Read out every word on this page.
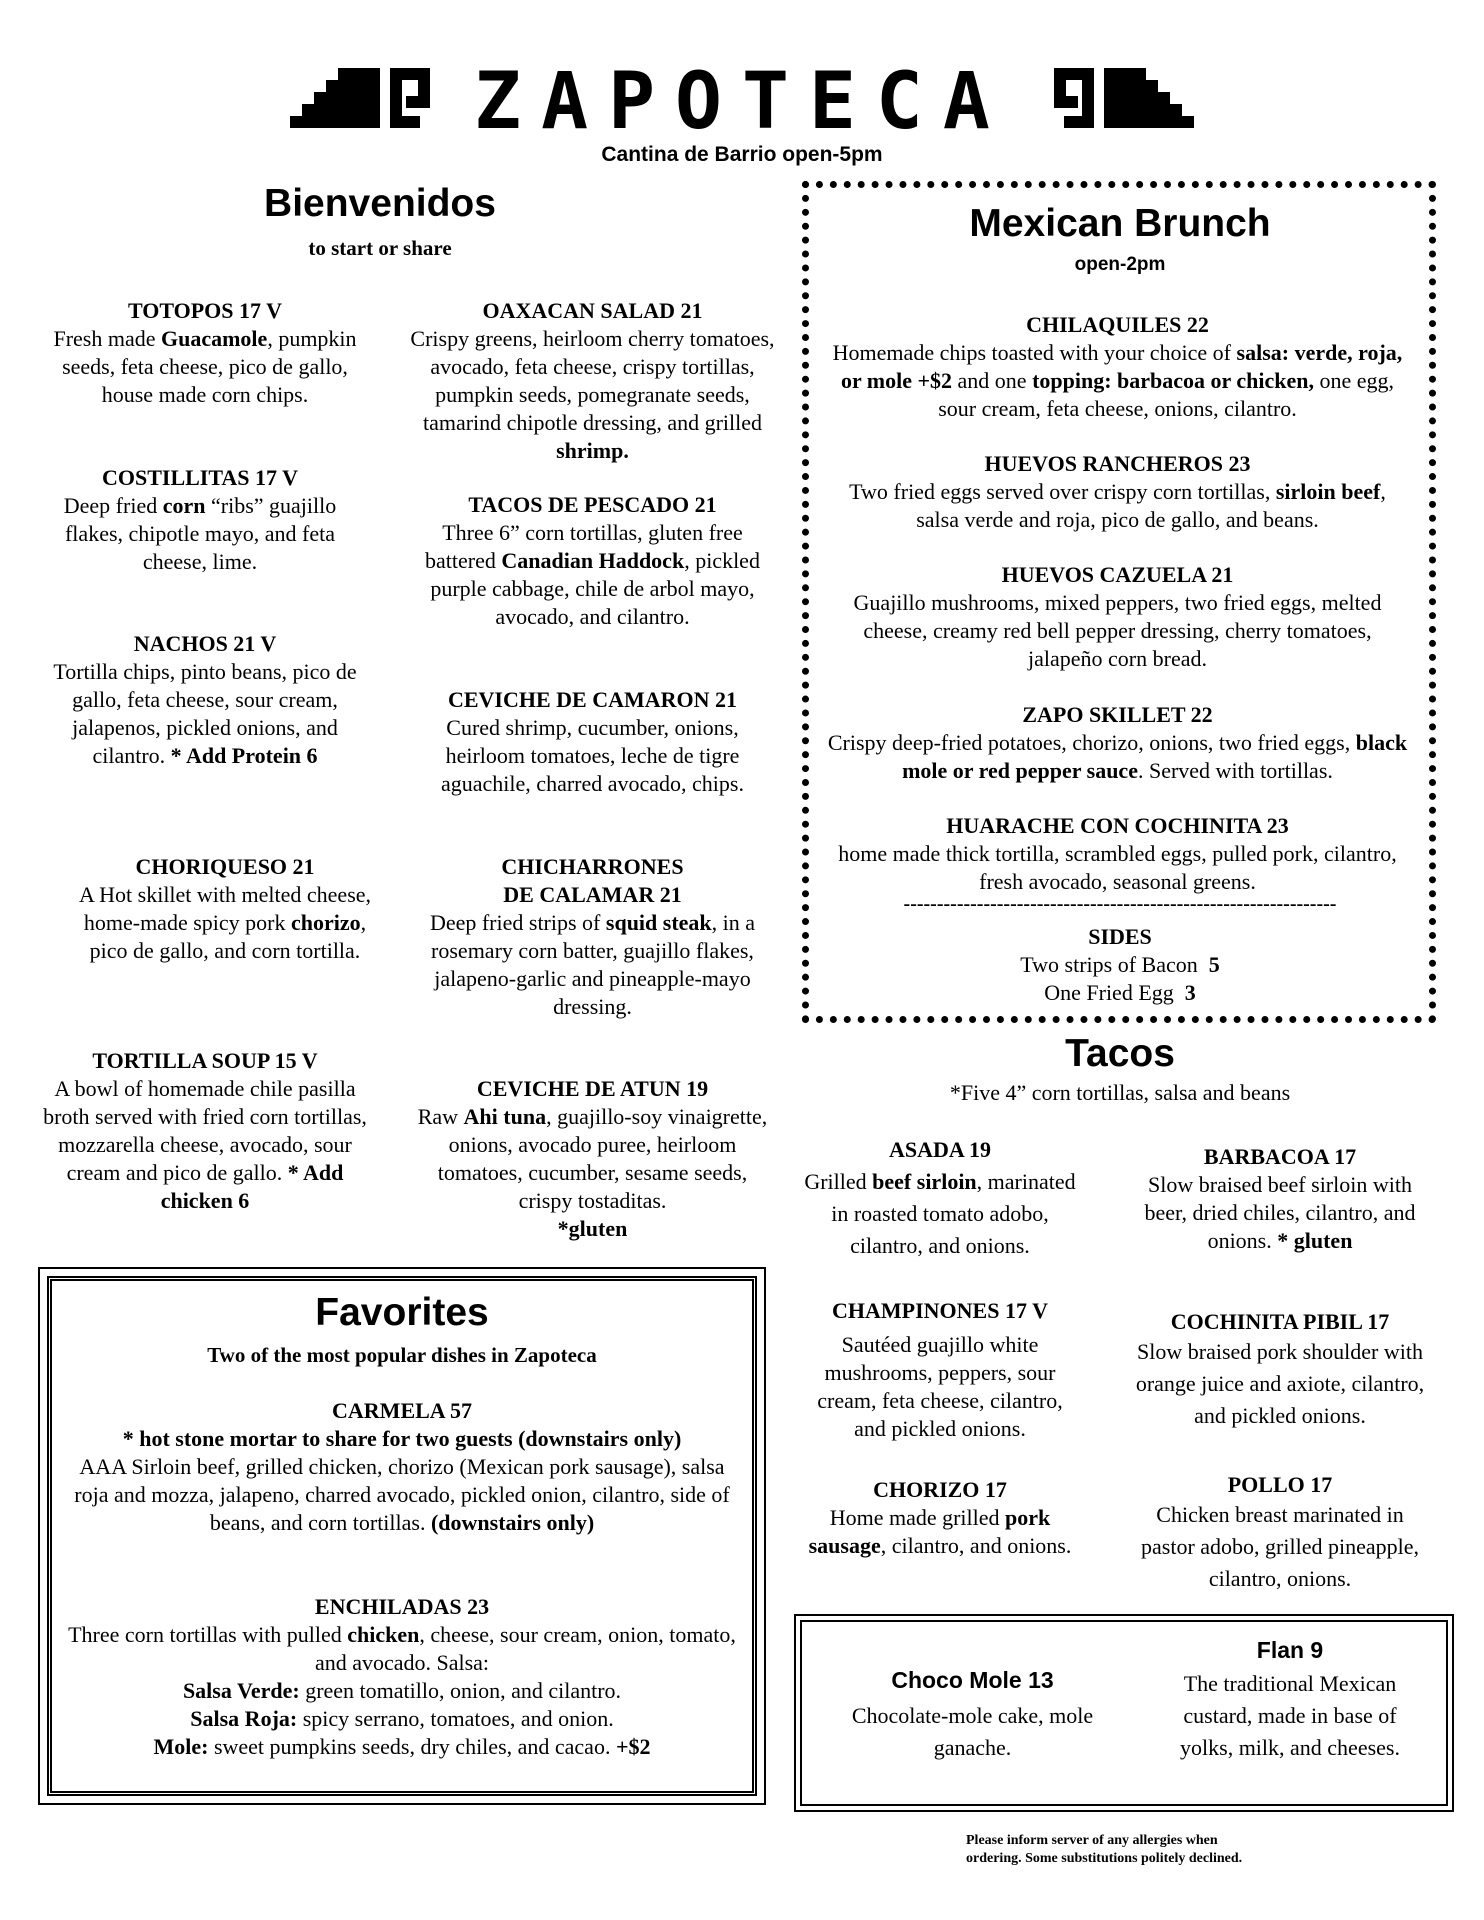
ZAPOTECA
Cantina de Barrio open-5pm
Bienvenidos
to start or share
TOTOPOS 17 V
Fresh made Guacamole, pumpkin seeds, feta cheese, pico de gallo, house made corn chips.
COSTILLITAS 17 V
Deep fried corn “ribs” guajillo flakes, chipotle mayo, and feta cheese, lime.
NACHOS 21 V
Tortilla chips, pinto beans, pico de gallo, feta cheese, sour cream, jalapenos, pickled onions, and cilantro. * Add Protein 6
CHORIQUESO 21
A Hot skillet with melted cheese, home-made spicy pork chorizo, pico de gallo, and corn tortilla.
TORTILLA SOUP 15 V
A bowl of homemade chile pasilla broth served with fried corn tortillas, mozzarella cheese, avocado, sour cream and pico de gallo. * Add chicken 6
OAXACAN SALAD 21
Crispy greens, heirloom cherry tomatoes, avocado, feta cheese, crispy tortillas, pumpkin seeds, pomegranate seeds, tamarind chipotle dressing, and grilled shrimp.
TACOS DE PESCADO 21
Three 6” corn tortillas, gluten free battered Canadian Haddock, pickled purple cabbage, chile de arbol mayo, avocado, and cilantro.
CEVICHE DE CAMARON 21
Cured shrimp, cucumber, onions, heirloom tomatoes, leche de tigre aguachile, charred avocado, chips.
CHICHARRONES
DE CALAMAR 21
Deep fried strips of squid steak, in a rosemary corn batter, guajillo flakes, jalapeno-garlic and pineapple-mayo dressing.
CEVICHE DE ATUN 19
Raw Ahi tuna, guajillo-soy vinaigrette, onions, avocado puree, heirloom tomatoes, cucumber, sesame seeds, crispy tostaditas.
*gluten
Mexican Brunch
open-2pm
CHILAQUILES 22
Homemade chips toasted with your choice of salsa: verde, roja, or mole +$2 and one topping: barbacoa or chicken, one egg, sour cream, feta cheese, onions, cilantro.
HUEVOS RANCHEROS 23
Two fried eggs served over crispy corn tortillas, sirloin beef, salsa verde and roja, pico de gallo, and beans.
HUEVOS CAZUELA 21
Guajillo mushrooms, mixed peppers, two fried eggs, melted cheese, creamy red bell pepper dressing, cherry tomatoes, jalapeño corn bread.
ZAPO SKILLET 22
Crispy deep-fried potatoes, chorizo, onions, two fried eggs, black mole or red pepper sauce. Served with tortillas.
HUARACHE CON COCHINITA 23
home made thick tortilla, scrambled eggs, pulled pork, cilantro, fresh avocado, seasonal greens.
-----------------------------------------------------------------
SIDES
Two strips of Bacon 5
One Fried Egg 3
Tacos
*Five 4” corn tortillas, salsa and beans
ASADA 19
Grilled beef sirloin, marinated in roasted tomato adobo, cilantro, and onions.
CHAMPINONES 17 V
Sautéed guajillo white mushrooms, peppers, sour cream, feta cheese, cilantro, and pickled onions.
CHORIZO 17
Home made grilled pork sausage, cilantro, and onions.
BARBACOA 17
Slow braised beef sirloin with beer, dried chiles, cilantro, and onions. * gluten
COCHINITA PIBIL 17
Slow braised pork shoulder with orange juice and axiote, cilantro, and pickled onions.
POLLO 17
Chicken breast marinated in pastor adobo, grilled pineapple, cilantro, onions.
Favorites
Two of the most popular dishes in Zapoteca
CARMELA 57
* hot stone mortar to share for two guests (downstairs only)
AAA Sirloin beef, grilled chicken, chorizo (Mexican pork sausage), salsa roja and mozza, jalapeno, charred avocado, pickled onion, cilantro, side of beans, and corn tortillas. (downstairs only)
ENCHILADAS 23
Three corn tortillas with pulled chicken, cheese, sour cream, onion, tomato, and avocado. Salsa:
Salsa Verde: green tomatillo, onion, and cilantro.
Salsa Roja: spicy serrano, tomatoes, and onion.
Mole: sweet pumpkins seeds, dry chiles, and cacao. +$2
Choco Mole 13
Chocolate-mole cake, mole ganache.
Flan 9
The traditional Mexican custard, made in base of yolks, milk, and cheeses.
Please inform server of any allergies when
ordering. Some substitutions politely declined.
